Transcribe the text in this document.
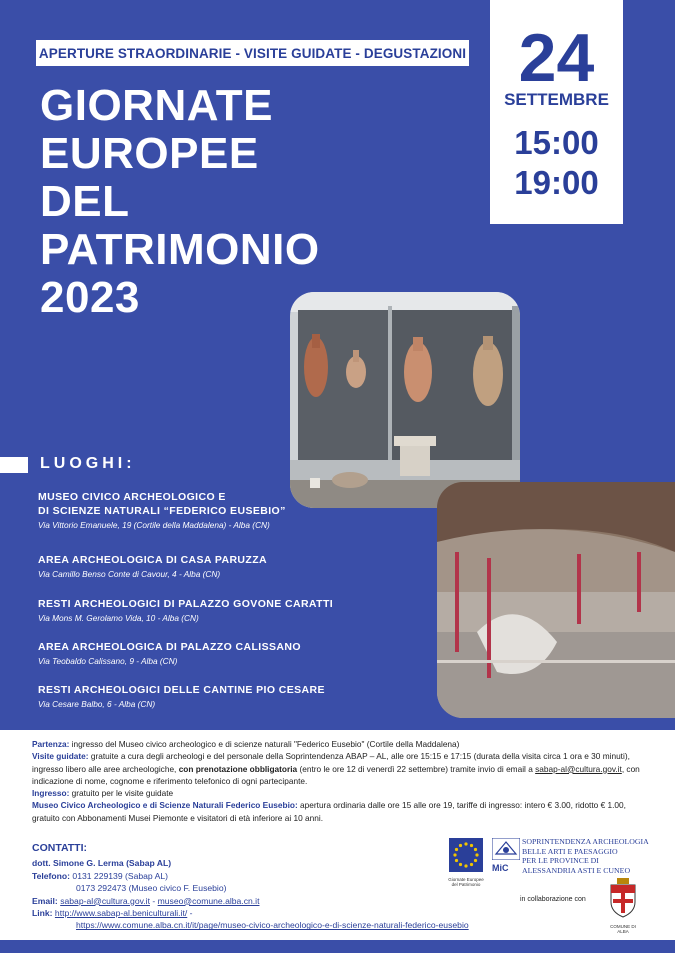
APERTURE STRAORDINARIE - VISITE GUIDATE - DEGUSTAZIONI
GIORNATE
EUROPEE
DEL
PATRIMONIO
2023
24
SETTEMBRE
15:00
19:00
LUOGHI:
MUSEO CIVICO ARCHEOLOGICO E
DI SCIENZE NATURALI “FEDERICO EUSEBIO”
Via Vittorio Emanuele, 19 (Cortile della Maddalena) - Alba (CN)
AREA ARCHEOLOGICA DI CASA PARUZZA
Via Camillo Benso Conte di Cavour, 4 - Alba (CN)
RESTI ARCHEOLOGICI DI PALAZZO GOVONE CARATTI
Via Mons M. Gerolamo Vida, 10 - Alba (CN)
AREA ARCHEOLOGICA DI PALAZZO CALISSANO
Via Teobaldo Calissano, 9 - Alba (CN)
RESTI ARCHEOLOGICI DELLE CANTINE PIO CESARE
Via Cesare Balbo, 6 - Alba (CN)
Partenza: ingresso del Museo civico archeologico e di scienze naturali "Federico Eusebio" (Cortile della Maddalena)
Visite guidate: gratuite a cura degli archeologi e del personale della Soprintendenza ABAP – AL, alle ore 15:15 e 17:15 (durata della visita circa 1 ora e 30 minuti), ingresso libero alle aree archeologiche, con prenotazione obbligatoria (entro le ore 12 di venerdì 22 settembre) tramite invio di email a sabap-al@cultura.gov.it, con indicazione di nome, cognome e riferimento telefonico di ogni partecipante.
Ingresso: gratuito per le visite guidate
Museo Civico Archeologico e di Scienze Naturali Federico Eusebio: apertura ordinaria dalle ore 15 alle ore 19, tariffe di ingresso: intero € 3.00, ridotto € 1.00, gratuito con Abbonamenti Musei Piemonte e visitatori di età inferiore ai 10 anni.
CONTATTI:
dott. Simone G. Lerma (Sabap AL)
Telefono: 0131 229139 (Sabap AL)
0173 292473 (Museo civico F. Eusebio)
Email: sabap-al@cultura.gov.it - museo@comune.alba.cn.it
Link: http://www.sabap-al.beniculturali.it/ -
https://www.comune.alba.cn.it/it/page/museo-civico-archeologico-e-di-scienze-naturali-federico-eusebio
Giornate Europee del Patrimonio
MiC
SOPRINTENDENZA ARCHEOLOGIA
BELLE ARTI E PAESAGGIO
PER LE PROVINCE DI
ALESSANDRIA ASTI E CUNEO
in collaborazione con
COMUNE DI ALBA
